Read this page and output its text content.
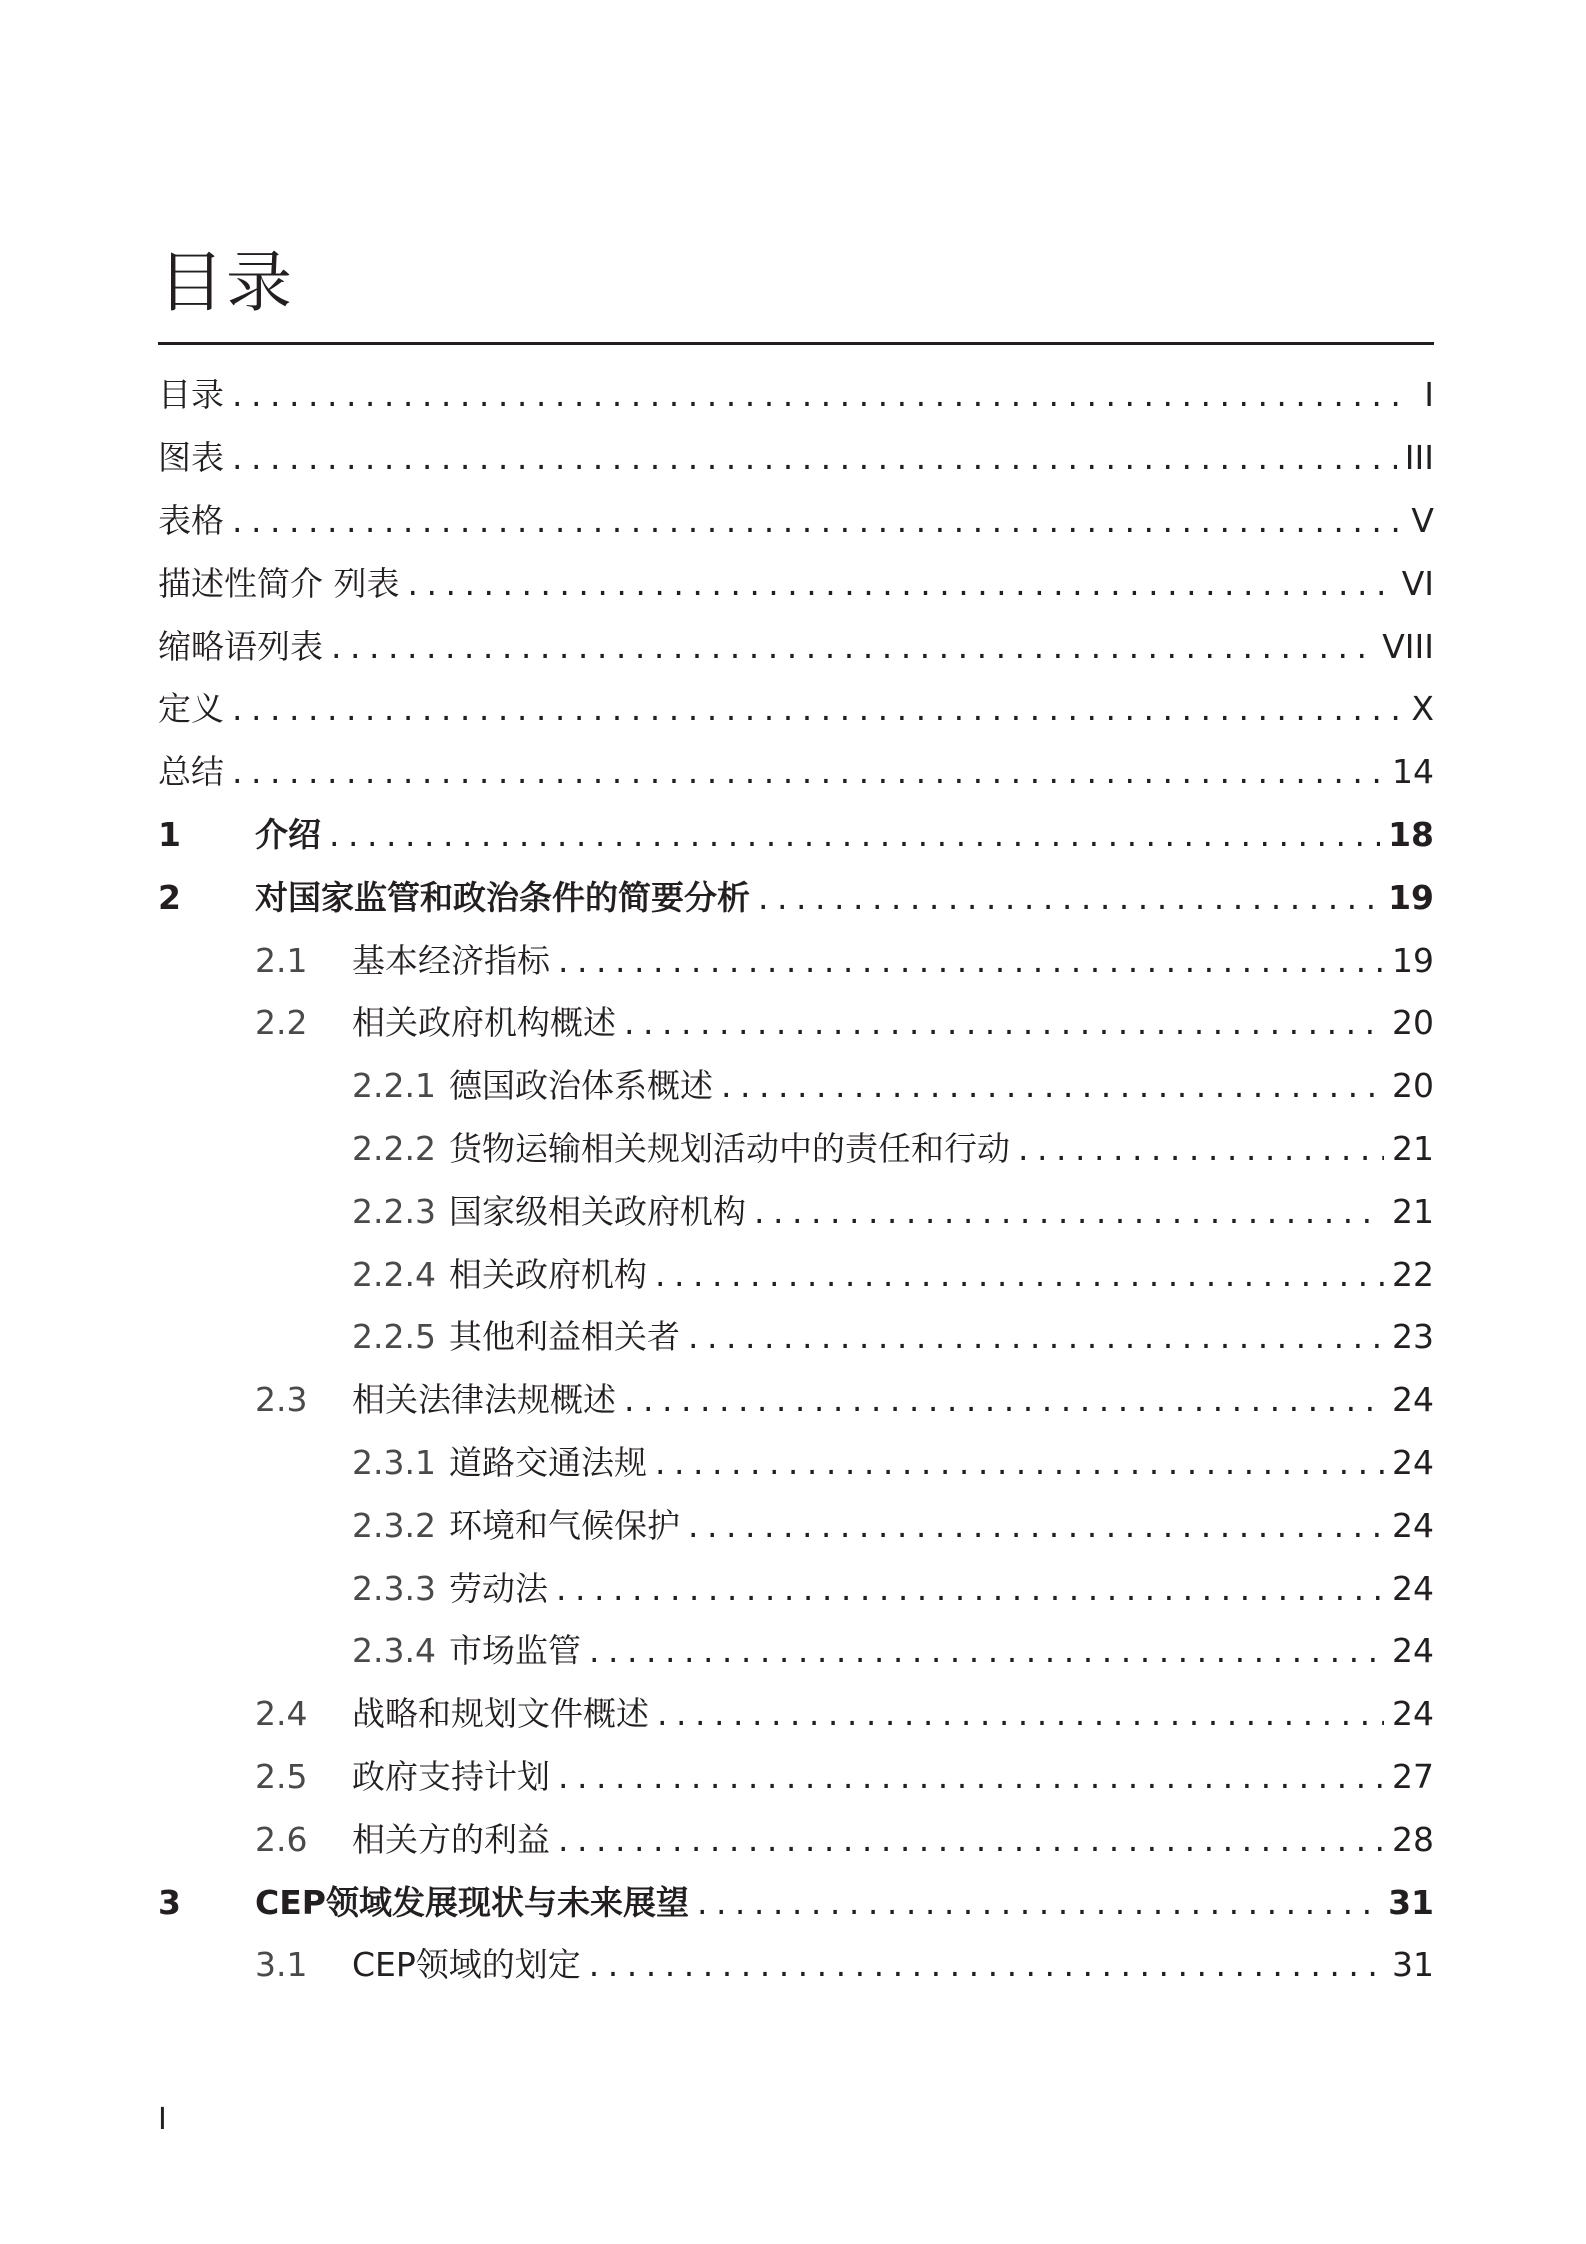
目录
目录 .....	I
图表 .....	III
表格 .....	V
描述性简介 列表 .....	VI
缩略语列表 .....	VIII
定义 .....	X
总结 .....	14
1	介绍 .....	18
2	对国家监管和政治条件的简要分析 .....	19
2.1	基本经济指标 .....	19
2.2	相关政府机构概述 .....	20
2.2.1 德国政治体系概述 .....	20
2.2.2 货物运输相关规划活动中的责任和行动 .....	21
2.2.3 国家级相关政府机构 .....	21
2.2.4 相关政府机构 .....	22
2.2.5 其他利益相关者 .....	23
2.3	相关法律法规概述 .....	24
2.3.1 道路交通法规 .....	24
2.3.2 环境和气候保护 .....	24
2.3.3 劳动法 .....	24
2.3.4 市场监管 .....	24
2.4	战略和规划文件概述 .....	24
2.5	政府支持计划 .....	27
2.6	相关方的利益 .....	28
3	CEP领域发展现状与未来展望 .....	31
3.1	CEP领域的划定 .....	31
I
